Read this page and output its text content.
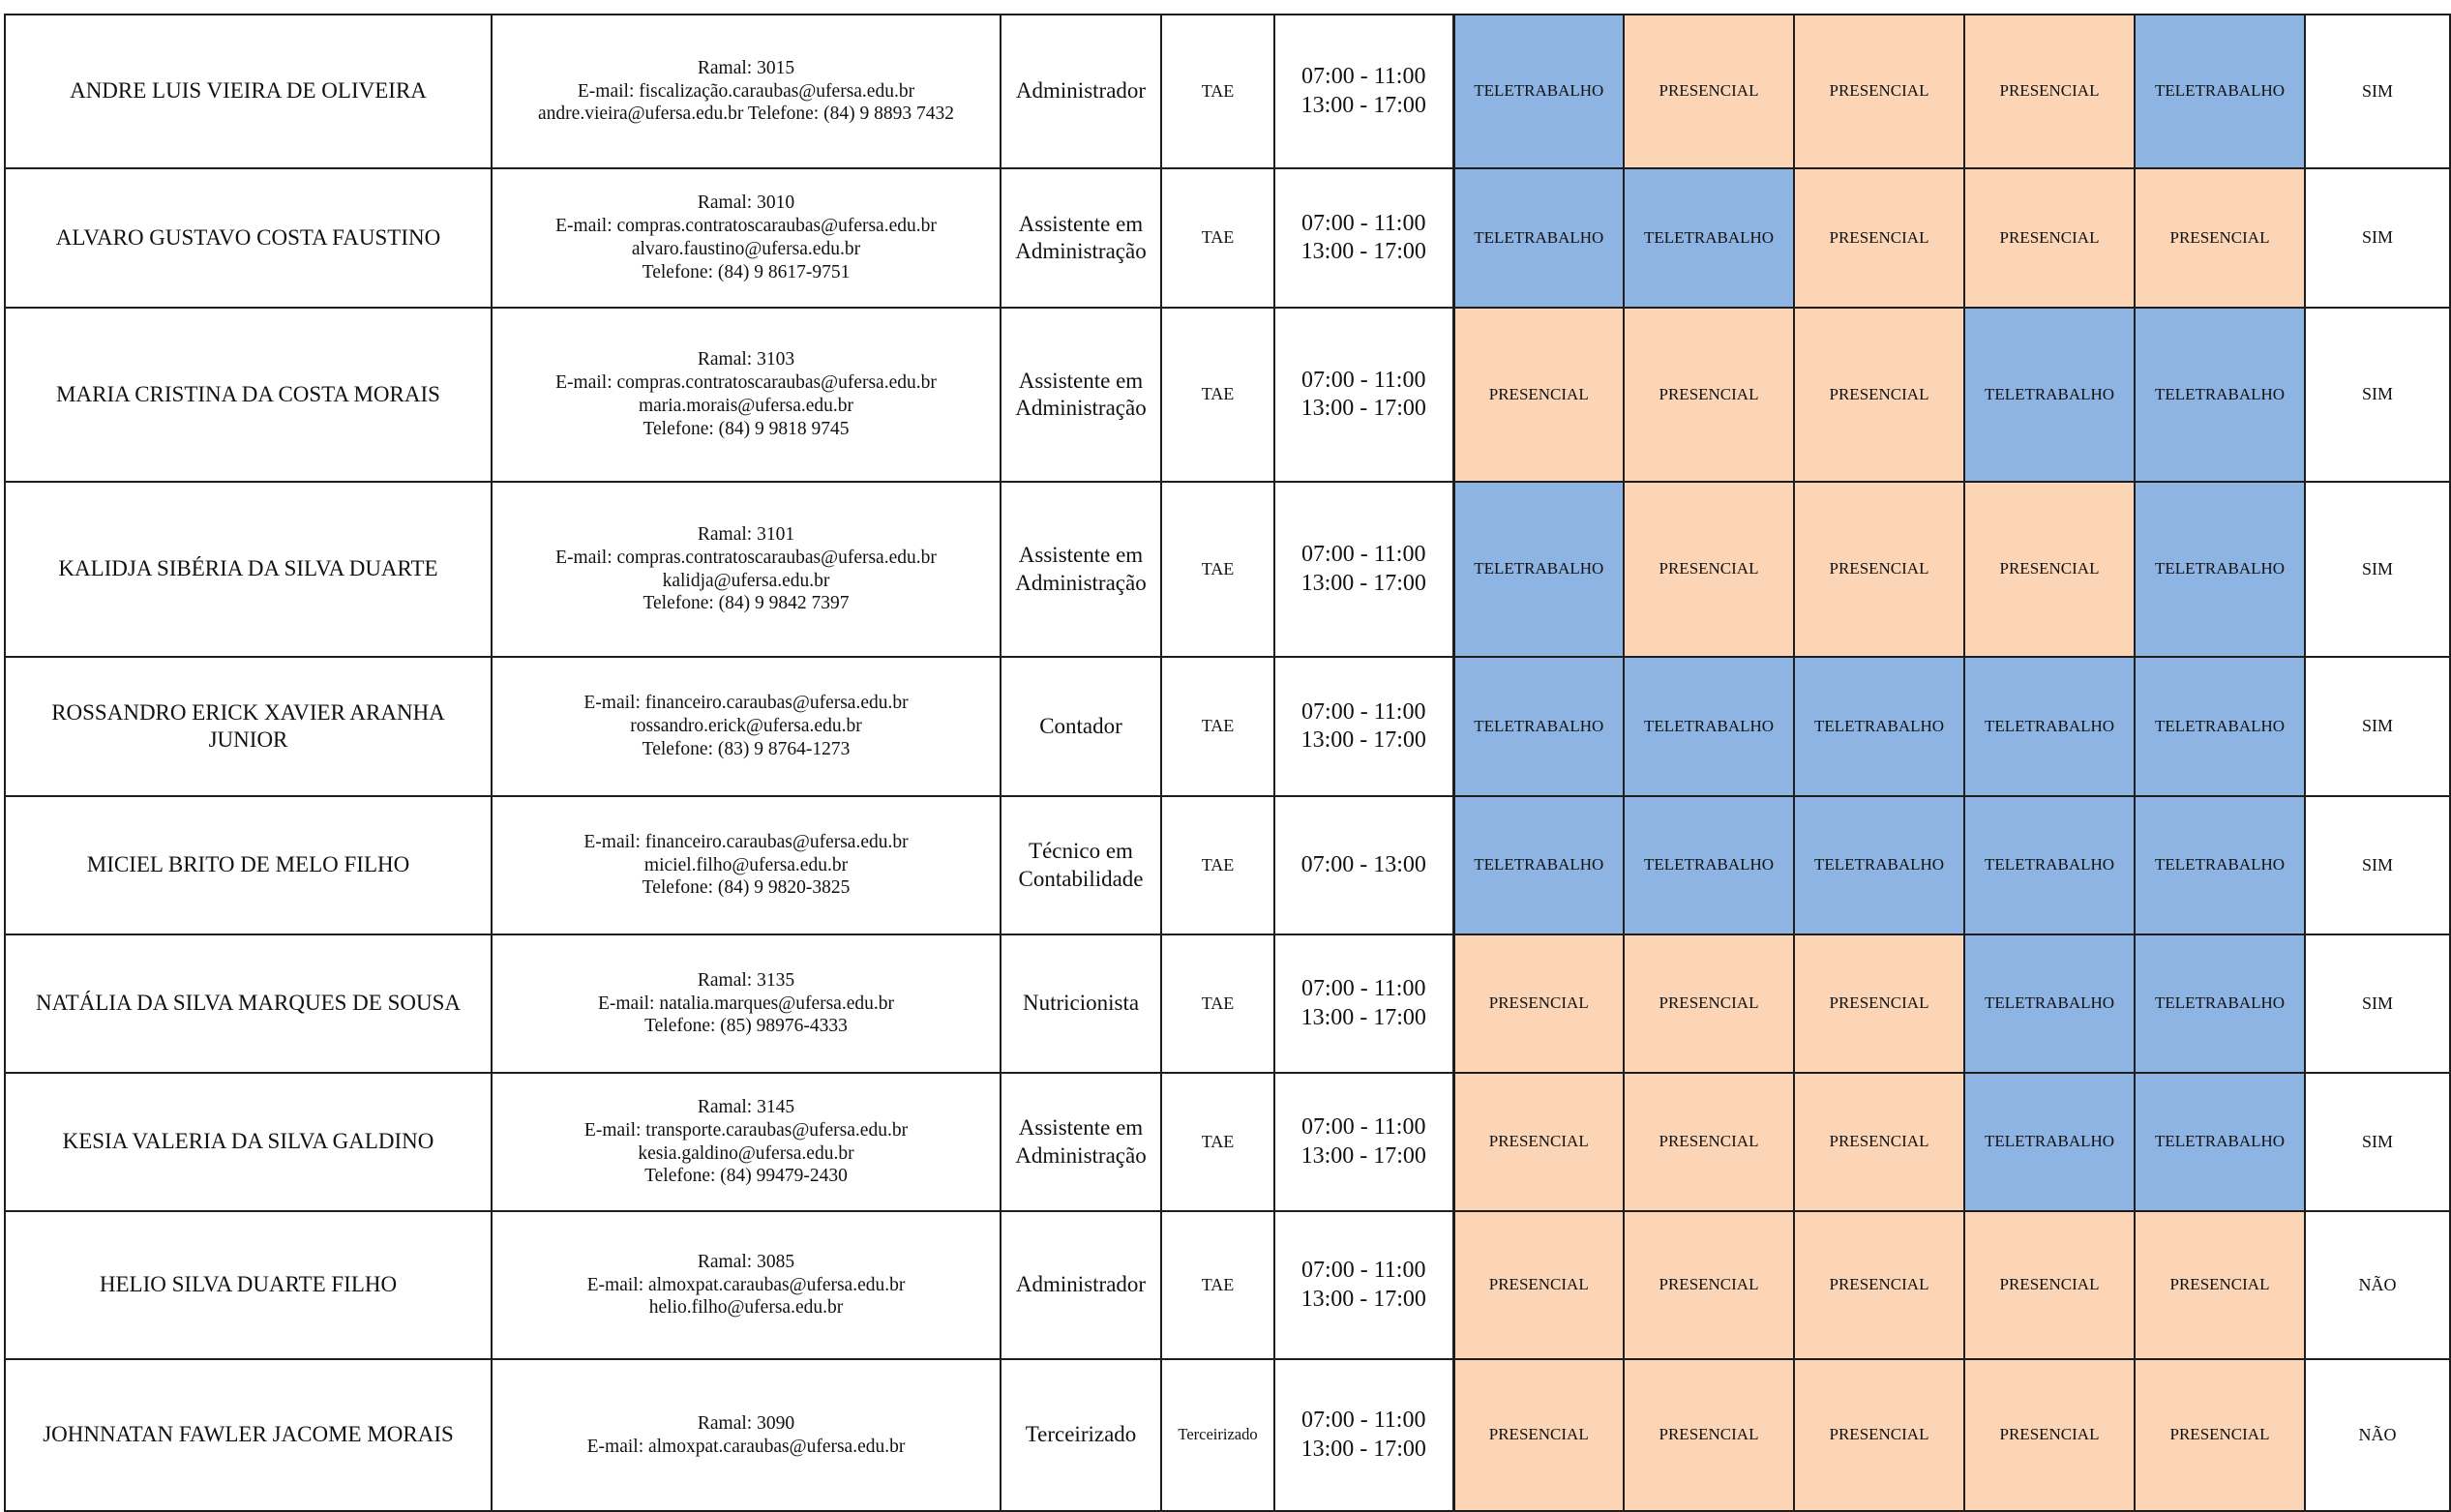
ANDRE LUIS VIEIRA DE OLIVEIRA	Ramal: 3015
E-mail: fiscalização.caraubas@ufersa.edu.br
andre.vieira@ufersa.edu.br Telefone: (84) 9 8893 7432	Administrador	TAE	07:00 - 11:00
13:00 - 17:00	TELETRABALHO	PRESENCIAL	PRESENCIAL	PRESENCIAL	TELETRABALHO	SIM
ALVARO GUSTAVO COSTA FAUSTINO	Ramal: 3010
E-mail: compras.contratoscaraubas@ufersa.edu.br
alvaro.faustino@ufersa.edu.br
Telefone: (84) 9 8617-9751	Assistente em
Administração	TAE	07:00 - 11:00
13:00 - 17:00	TELETRABALHO	TELETRABALHO	PRESENCIAL	PRESENCIAL	PRESENCIAL	SIM
MARIA CRISTINA DA COSTA MORAIS	Ramal: 3103
E-mail: compras.contratoscaraubas@ufersa.edu.br
maria.morais@ufersa.edu.br
Telefone: (84) 9 9818 9745	Assistente em
Administração	TAE	07:00 - 11:00
13:00 - 17:00	PRESENCIAL	PRESENCIAL	PRESENCIAL	TELETRABALHO	TELETRABALHO	SIM
KALIDJA SIBÉRIA DA SILVA DUARTE	Ramal: 3101
E-mail: compras.contratoscaraubas@ufersa.edu.br
kalidja@ufersa.edu.br
Telefone: (84) 9 9842 7397	Assistente em
Administração	TAE	07:00 - 11:00
13:00 - 17:00	TELETRABALHO	PRESENCIAL	PRESENCIAL	PRESENCIAL	TELETRABALHO	SIM
ROSSANDRO ERICK XAVIER ARANHA JUNIOR	E-mail: financeiro.caraubas@ufersa.edu.br
rossandro.erick@ufersa.edu.br
Telefone: (83) 9 8764-1273	Contador	TAE	07:00 - 11:00
13:00 - 17:00	TELETRABALHO	TELETRABALHO	TELETRABALHO	TELETRABALHO	TELETRABALHO	SIM
MICIEL BRITO DE MELO FILHO	E-mail: financeiro.caraubas@ufersa.edu.br
miciel.filho@ufersa.edu.br
Telefone: (84) 9 9820-3825	Técnico em
Contabilidade	TAE	07:00 - 13:00	TELETRABALHO	TELETRABALHO	TELETRABALHO	TELETRABALHO	TELETRABALHO	SIM
NATÁLIA DA SILVA MARQUES DE SOUSA	Ramal: 3135
E-mail: natalia.marques@ufersa.edu.br
Telefone: (85) 98976-4333	Nutricionista	TAE	07:00 - 11:00
13:00 - 17:00	PRESENCIAL	PRESENCIAL	PRESENCIAL	TELETRABALHO	TELETRABALHO	SIM
KESIA VALERIA DA SILVA GALDINO	Ramal: 3145
E-mail: transporte.caraubas@ufersa.edu.br
kesia.galdino@ufersa.edu.br
Telefone: (84) 99479-2430	Assistente em
Administração	TAE	07:00 - 11:00
13:00 - 17:00	PRESENCIAL	PRESENCIAL	PRESENCIAL	TELETRABALHO	TELETRABALHO	SIM
HELIO SILVA DUARTE FILHO	Ramal: 3085
E-mail: almoxpat.caraubas@ufersa.edu.br
helio.filho@ufersa.edu.br	Administrador	TAE	07:00 - 11:00
13:00 - 17:00	PRESENCIAL	PRESENCIAL	PRESENCIAL	PRESENCIAL	PRESENCIAL	NÃO
JOHNNATAN FAWLER JACOME MORAIS	Ramal: 3090
E-mail: almoxpat.caraubas@ufersa.edu.br	Terceirizado	Terceirizado	07:00 - 11:00
13:00 - 17:00	PRESENCIAL	PRESENCIAL	PRESENCIAL	PRESENCIAL	PRESENCIAL	NÃO
